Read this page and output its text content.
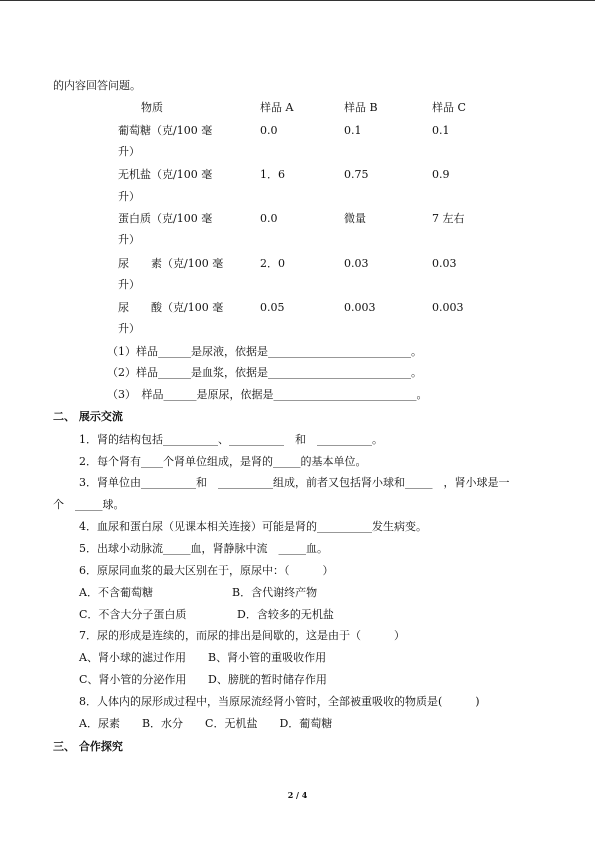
的内容回答问题。
物质	样品 A	样品 B	样品 C
葡萄糖（克/100 毫
升）
0.0	0.1	0.1
无机盐（克/100 毫
升）
1．6	0.75	0.9
蛋白质（克/100 毫
升）
0.0	微量	7 左右
尿　　素（克/100 毫
升）
2．0	0.03	0.03
尿　　酸（克/100 毫
升）
0.05	0.003	0.003
（1）样品______是尿液，依据是__________________________。
（2）样品______是血浆，依据是__________________________。
（3）　样品______是原尿，依据是__________________________。
二、 展示交流
1．肾的结构包括__________、__________　和　__________。
2．每个肾有____个肾单位组成，是肾的_____的基本单位。
3．肾单位由__________和　__________组成，前者又包括肾小球和_____　，肾小球是一
个　_____球。
4．血尿和蛋白尿（见课本相关连接）可能是肾的__________发生病变。
5．出球小动脉流_____血，肾静脉中流　_____血。
6．原尿同血浆的最大区别在于，原尿中：（　　　）
A．不含葡萄糖	B．含代谢终产物
C．不含大分子蛋白质	D．含较多的无机盐
7．尿的形成是连续的，而尿的排出是间歇的，这是由于（　　　）
A、肾小球的滤过作用 B、肾小管的重吸收作用
C、肾小管的分泌作用 D、膀胱的暂时储存作用
8．人体内的尿形成过程中，当原尿流经肾小管时，全部被重吸收的物质是(　　　)
A．尿素　　B．水分　　C．无机盐　　D．葡萄糖
三、 合作探究
2 / 4
